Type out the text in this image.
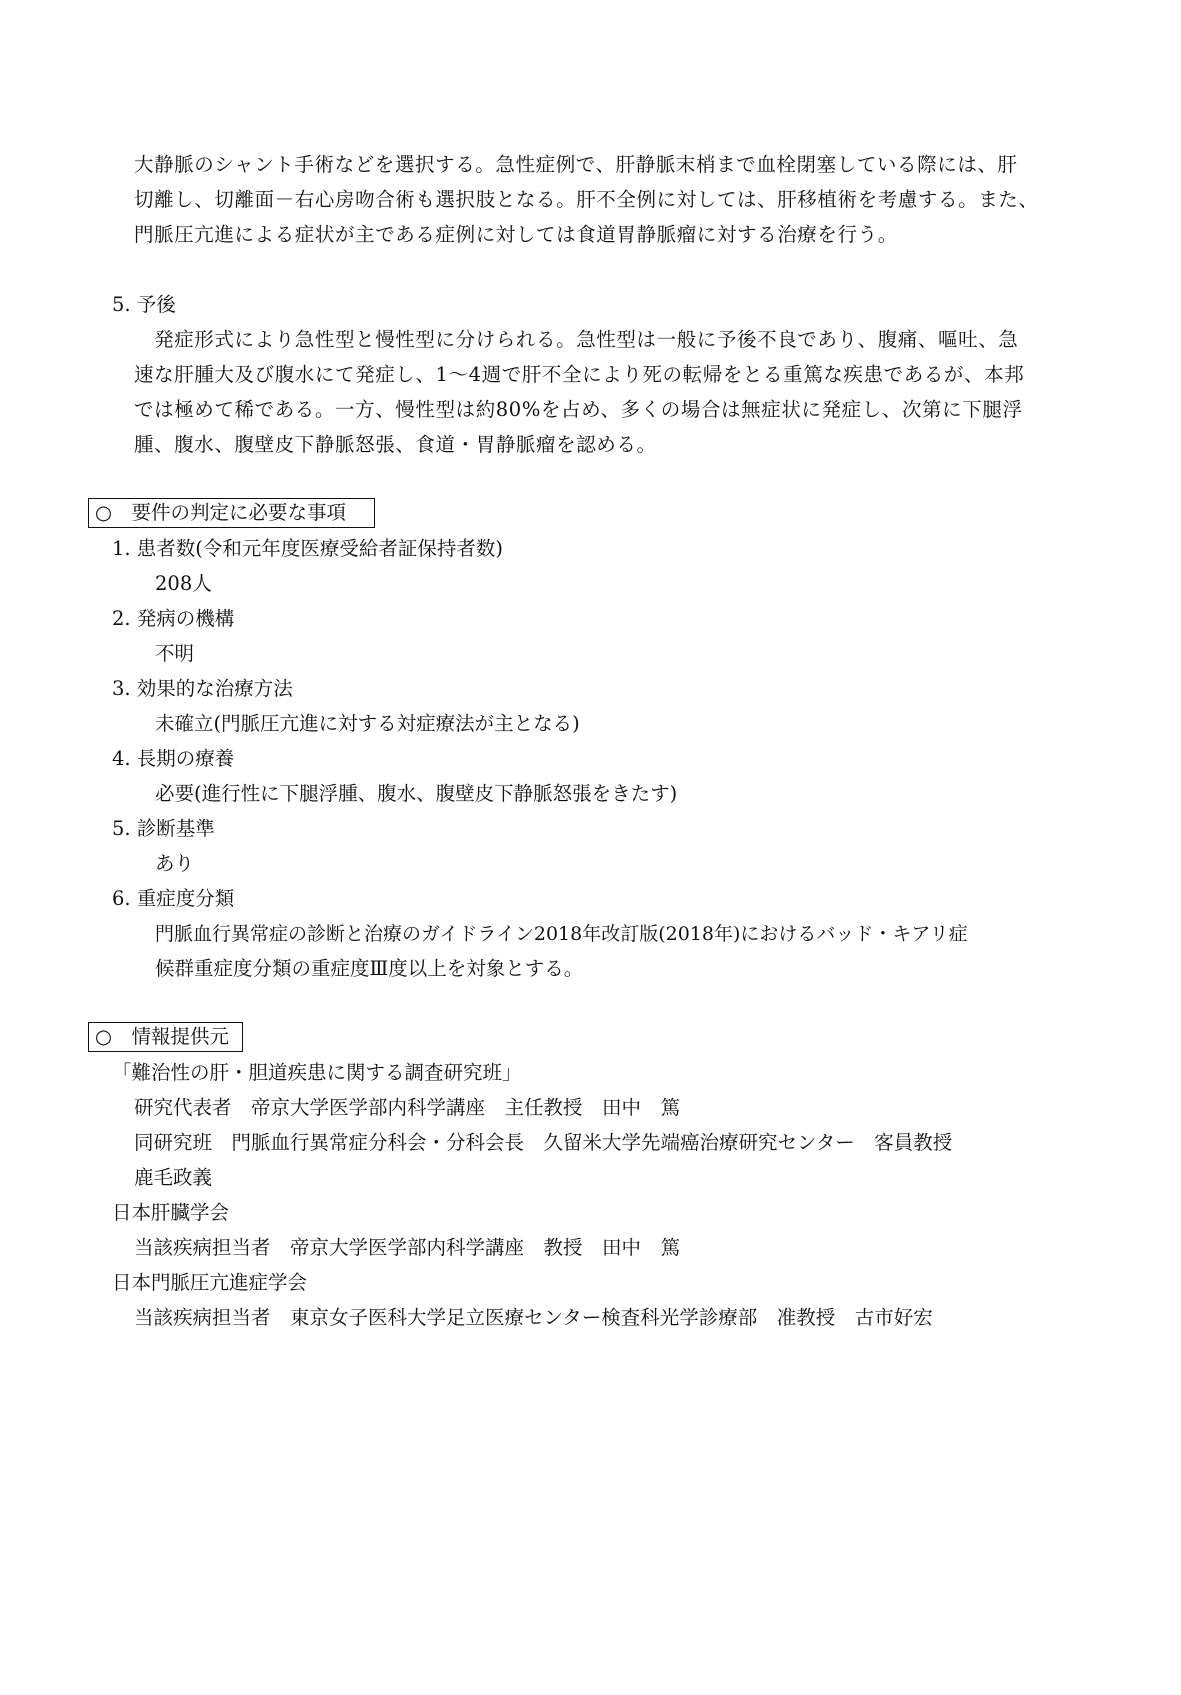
大静脈のシャント手術などを選択する。急性症例で、肝静脈末梢まで血栓閉塞している際には、肝
切離し、切離面－右心房吻合術も選択肢となる。肝不全例に対しては、肝移植術を考慮する。また、
門脈圧亢進による症状が主である症例に対しては食道胃静脈瘤に対する治療を行う。
5. 予後
　発症形式により急性型と慢性型に分けられる。急性型は一般に予後不良であり、腹痛、嘔吐、急
速な肝腫大及び腹水にて発症し、1～4週で肝不全により死の転帰をとる重篤な疾患であるが、本邦
では極めて稀である。一方、慢性型は約80%を占め、多くの場合は無症状に発症し、次第に下腿浮
腫、腹水、腹壁皮下静脈怒張、食道・胃静脈瘤を認める。
○　要件の判定に必要な事項
1. 患者数(令和元年度医療受給者証保持者数)
208人
2. 発病の機構
不明
3. 効果的な治療方法
未確立(門脈圧亢進に対する対症療法が主となる)
4. 長期の療養
必要(進行性に下腿浮腫、腹水、腹壁皮下静脈怒張をきたす)
5. 診断基準
あり
6. 重症度分類
門脈血行異常症の診断と治療のガイドライン2018年改訂版(2018年)におけるバッド・キアリ症
候群重症度分類の重症度Ⅲ度以上を対象とする。
○　情報提供元
「難治性の肝・胆道疾患に関する調査研究班」
研究代表者　帝京大学医学部内科学講座　主任教授　田中　篤
同研究班　門脈血行異常症分科会・分科会長　久留米大学先端癌治療研究センター　客員教授
鹿毛政義
日本肝臓学会
当該疾病担当者　帝京大学医学部内科学講座　教授　田中　篤
日本門脈圧亢進症学会
当該疾病担当者　東京女子医科大学足立医療センター検査科光学診療部　准教授　古市好宏
